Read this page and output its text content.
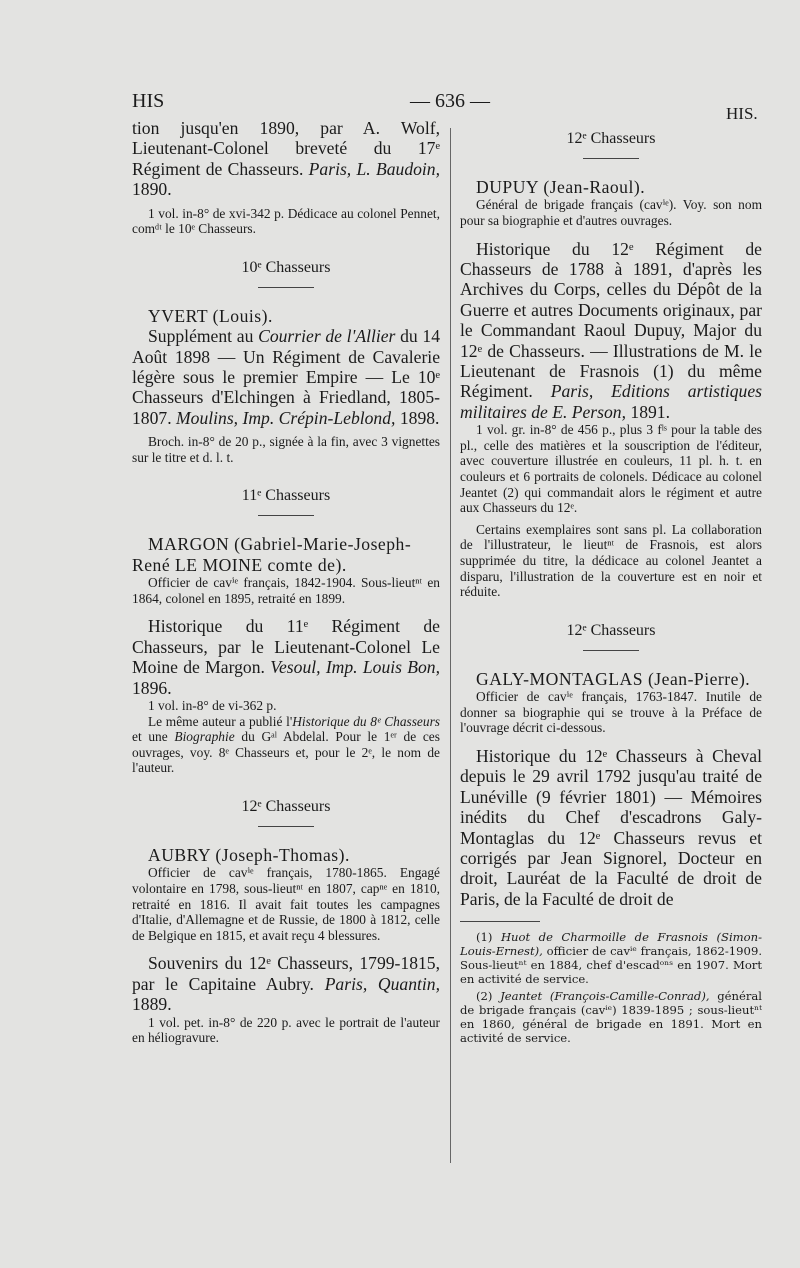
HIS	— 636 —
HIS.

tion jusqu'en 1890, par A. Wolf, Lieutenant-Colonel breveté du 17ᵉ Régiment de Chasseurs. Paris, L. Baudoin, 1890.

1 vol. in-8° de xvi-342 p. Dédicace au colonel Pennet, comᵈᵗ le 10ᵉ Chasseurs.

10ᵉ Chasseurs

YVERT (Louis).

Supplément au Courrier de l'Allier du 14 Août 1898 — Un Régiment de Cavalerie légère sous le premier Empire — Le 10ᵉ Chasseurs d'Elchingen à Friedland, 1805-1807. Moulins, Imp. Crépin-Leblond, 1898.

Broch. in-8° de 20 p., signée à la fin, avec 3 vignettes sur le titre et d. l. t.

11ᵉ Chasseurs

MARGON (Gabriel-Marie-Joseph-René LE MOINE comte de).

Officier de cavⁱᵉ français, 1842-1904. Sous-lieutⁿᵗ en 1864, colonel en 1895, retraité en 1899.

Historique du 11ᵉ Régiment de Chasseurs, par le Lieutenant-Colonel Le Moine de Margon. Vesoul, Imp. Louis Bon, 1896.

1 vol. in-8° de vi-362 p.

Le même auteur a publié l'Historique du 8ᵉ Chasseurs et une Biographie du Gᵃˡ Abdelal. Pour le 1ᵉʳ de ces ouvrages, voy. 8ᵉ Chasseurs et, pour le 2ᵉ, le nom de l'auteur.

12ᵉ Chasseurs

AUBRY (Joseph-Thomas).

Officier de cavⁱᵉ français, 1780-1865. Engagé volontaire en 1798, sous-lieutⁿᵗ en 1807, capⁿᵉ en 1810, retraité en 1816. Il avait fait toutes les campagnes d'Italie, d'Allemagne et de Russie, de 1800 à 1812, celle de Belgique en 1815, et avait reçu 4 blessures.

Souvenirs du 12ᵉ Chasseurs, 1799-1815, par le Capitaine Aubry. Paris, Quantin, 1889.

1 vol. pet. in-8° de 220 p. avec le portrait de l'auteur en héliogravure.

12ᵉ Chasseurs

DUPUY (Jean-Raoul).

Général de brigade français (cavⁱᵉ). Voy. son nom pour sa biographie et d'autres ouvrages.

Historique du 12ᵉ Régiment de Chasseurs de 1788 à 1891, d'après les Archives du Corps, celles du Dépôt de la Guerre et autres Documents originaux, par le Commandant Raoul Dupuy, Major du 12ᵉ de Chasseurs. — Illustrations de M. le Lieutenant de Frasnois (1) du même Régiment. Paris, Editions artistiques militaires de E. Person, 1891.

1 vol. gr. in-8° de 456 p., plus 3 fˡˢ pour la table des pl., celle des matières et la souscription de l'éditeur, avec couverture illustrée en couleurs, 11 pl. h. t. en couleurs et 6 portraits de colonels. Dédicace au colonel Jeantet (2) qui commandait alors le régiment et autre aux Chasseurs du 12ᵉ.

Certains exemplaires sont sans pl. La collaboration de l'illustrateur, le lieutⁿᵗ de Frasnois, est alors supprimée du titre, la dédicace au colonel Jeantet a disparu, l'illustration de la couverture est en noir et réduite.

12ᵉ Chasseurs

GALY-MONTAGLAS (Jean-Pierre).

Officier de cavⁱᵉ français, 1763-1847. Inutile de donner sa biographie qui se trouve à la Préface de l'ouvrage décrit ci-dessous.

Historique du 12ᵉ Chasseurs à Cheval depuis le 29 avril 1792 jusqu'au traité de Lunéville (9 février 1801) — Mémoires inédits du Chef d'escadrons Galy-Montaglas du 12ᵉ Chasseurs revus et corrigés par Jean Signorel, Docteur en droit, Lauréat de la Faculté de droit de Paris, de la Faculté de droit de

(1) Huot de Charmoille de Frasnois (Simon-Louis-Ernest), officier de cavⁱᵉ français, 1862-1909. Sous-lieutⁿᵗ en 1884, chef d'escadᵒⁿˢ en 1907. Mort en activité de service.

(2) Jeantet (François-Camille-Conrad), général de brigade français (cavⁱᵉ) 1839-1895 ; sous-lieutⁿᵗ en 1860, général de brigade en 1891. Mort en activité de service.
